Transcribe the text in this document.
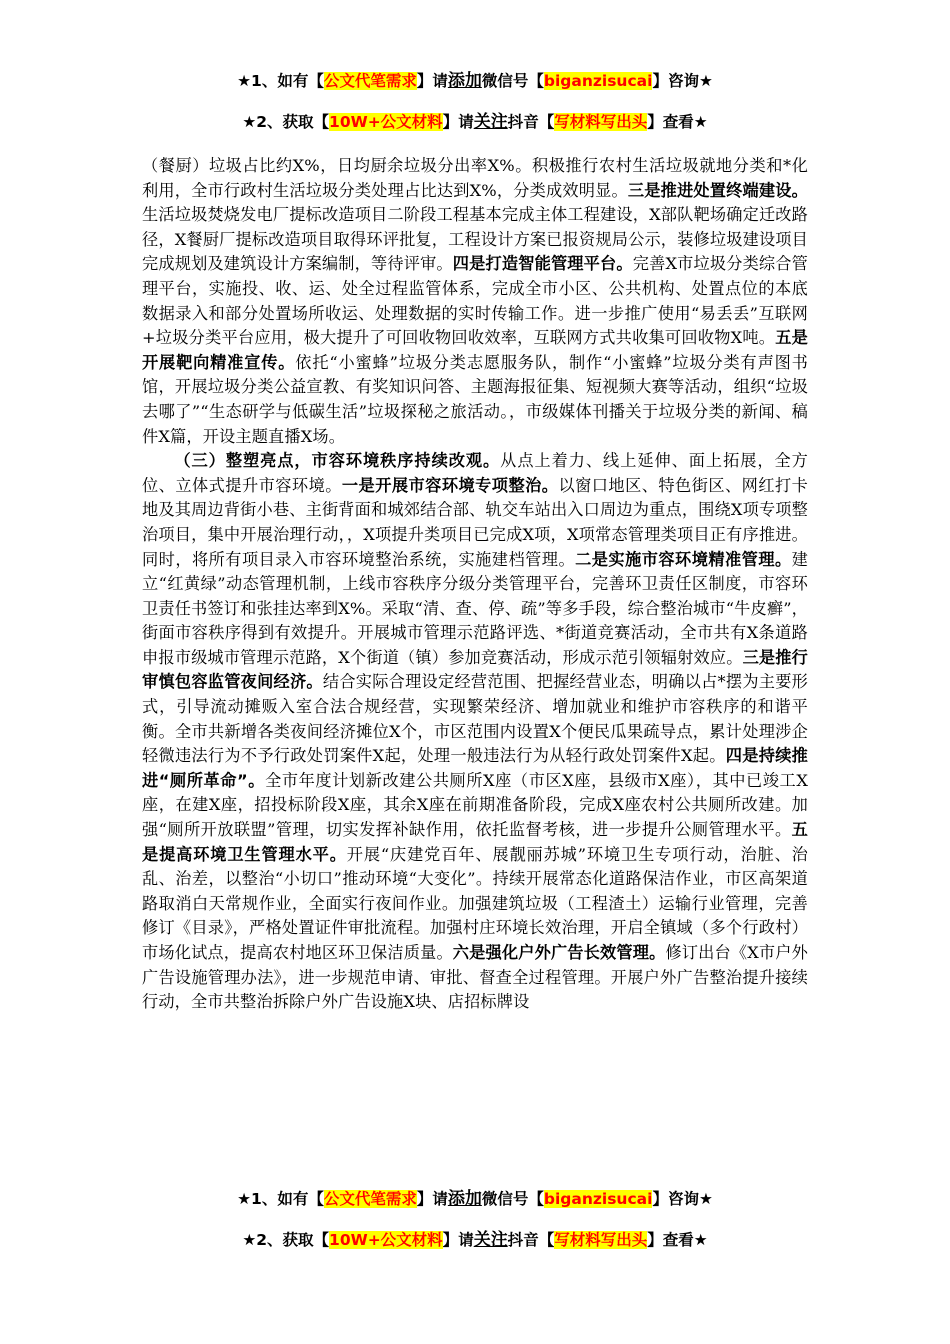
★1、如有【公文代笔需求】请添加微信号【biganzisucai】咨询★
★2、获取【10W+公文材料】请关注抖音【写材料写出头】查看★

（餐厨）垃圾占比约X%，日均厨余垃圾分出率X%。积极推行农村生活垃圾就地分类和*化利用，全市行政村生活垃圾分类处理占比达到X%，分类成效明显。三是推进处置终端建设。生活垃圾焚烧发电厂提标改造项目二阶段工程基本完成主体工程建设，X部队靶场确定迁改路径，X餐厨厂提标改造项目取得环评批复，工程设计方案已报资规局公示，装修垃圾建设项目完成规划及建筑设计方案编制，等待评审。四是打造智能管理平台。完善X市垃圾分类综合管理平台，实施投、收、运、处全过程监管体系，完成全市小区、公共机构、处置点位的本底数据录入和部分处置场所收运、处理数据的实时传输工作。进一步推广使用“易丢丢”互联网+垃圾分类平台应用，极大提升了可回收物回收效率，互联网方式共收集可回收物X吨。五是开展靶向精准宣传。依托“小蜜蜂”垃圾分类志愿服务队，制作“小蜜蜂”垃圾分类有声图书馆，开展垃圾分类公益宣教、有奖知识问答、主题海报征集、短视频大赛等活动，组织“垃圾去哪了”“生态研学与低碳生活”垃圾探秘之旅活动。，市级媒体刊播关于垃圾分类的新闻、稿件X篇，开设主题直播X场。

（三）整塑亮点，市容环境秩序持续改观。从点上着力、线上延伸、面上拓展，全方位、立体式提升市容环境。一是开展市容环境专项整治。以窗口地区、特色街区、网红打卡地及其周边背街小巷、主街背面和城郊结合部、轨交车站出入口周边为重点，围绕X项专项整治项目，集中开展治理行动，，X项提升类项目已完成X项，X项常态管理类项目正有序推进。同时，将所有项目录入市容环境整治系统，实施建档管理。二是实施市容环境精准管理。建立“红黄绿”动态管理机制，上线市容秩序分级分类管理平台，完善环卫责任区制度，市容环卫责任书签订和张挂达率到X%。采取“清、查、停、疏”等多手段，综合整治城市“牛皮癣”，街面市容秩序得到有效提升。开展城市管理示范路评选、*街道竞赛活动，全市共有X条道路申报市级城市管理示范路，X个街道（镇）参加竞赛活动，形成示范引领辐射效应。三是推行审慎包容监管夜间经济。结合实际合理设定经营范围、把握经营业态，明确以占*摆为主要形式，引导流动摊贩入室合法合规经营，实现繁荣经济、增加就业和维护市容秩序的和谐平衡。全市共新增各类夜间经济摊位X个，市区范围内设置X个便民瓜果疏导点，累计处理涉企轻微违法行为不予行政处罚案件X起，处理一般违法行为从轻行政处罚案件X起。四是持续推进“厕所革命”。全市年度计划新改建公共厕所X座（市区X座，县级市X座），其中已竣工X座，在建X座，招投标阶段X座，其余X座在前期准备阶段，完成X座农村公共厕所改建。加强“厕所开放联盟”管理，切实发挥补缺作用，依托监督考核，进一步提升公厕管理水平。五是提高环境卫生管理水平。开展“庆建党百年、展靓丽苏城”环境卫生专项行动，治脏、治乱、治差，以整治“小切口”推动环境“大变化”。持续开展常态化道路保洁作业，市区高架道路取消白天常规作业，全面实行夜间作业。加强建筑垃圾（工程渣土）运输行业管理，完善修订《目录》，严格处置证件审批流程。加强村庄环境长效治理，开启全镇域（多个行政村）市场化试点，提高农村地区环卫保洁质量。六是强化户外广告长效管理。修订出台《X市户外广告设施管理办法》，进一步规范申请、审批、督查全过程管理。开展户外广告整治提升接续行动，全市共整治拆除户外广告设施X块、店招标牌设

★1、如有【公文代笔需求】请添加微信号【biganzisucai】咨询★
★2、获取【10W+公文材料】请关注抖音【写材料写出头】查看★
